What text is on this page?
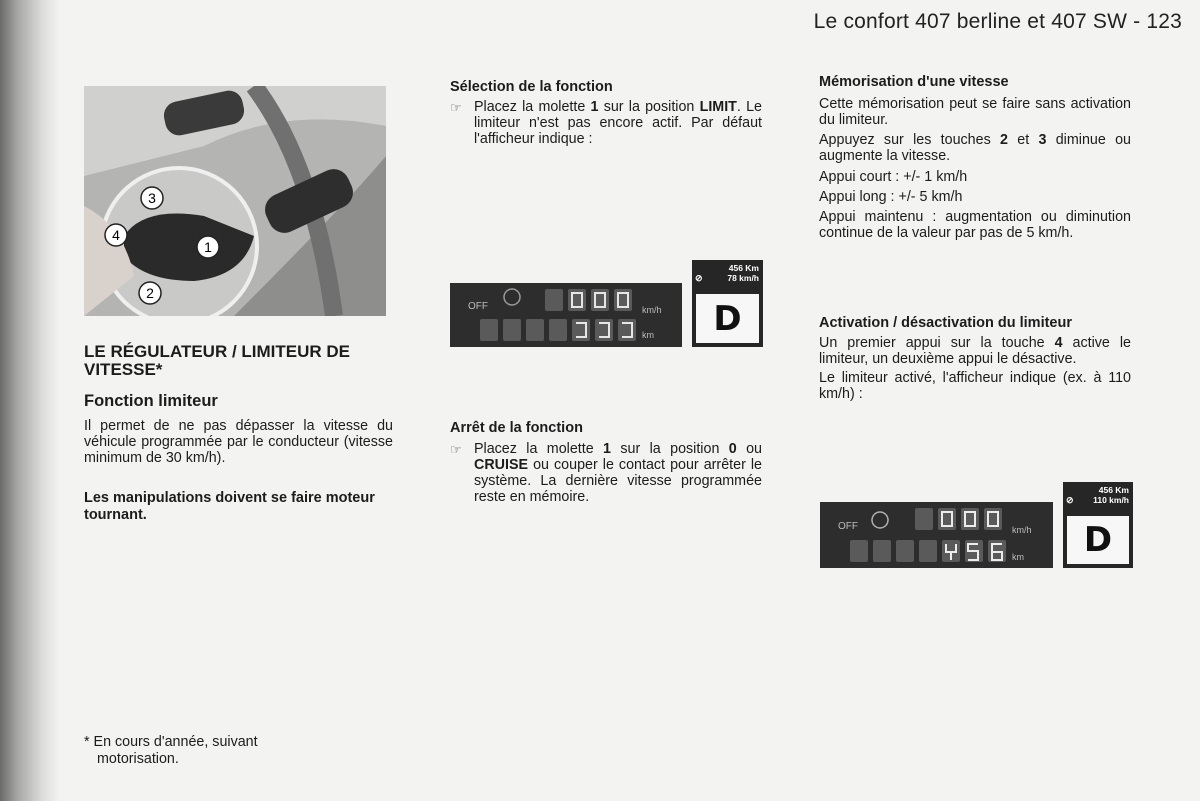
Le confort 407 berline et 407 SW - 123
3
4
1
2

LE RÉGULATEUR / LIMITEUR DE VITESSE*

Fonction limiteur

Il permet de ne pas dépasser la vitesse du véhicule programmée par le conducteur (vitesse minimum de 30 km/h).

Les manipulations doivent se faire moteur tournant.

Sélection de la fonction

☞ Placez la molette 1 sur la position LIMIT. Le limiteur n'est pas encore actif. Par défaut l'afficheur indique :
OFF	km/h
km
456 Km
⊘	78 km/h
D

Arrêt de la fonction

☞ Placez la molette 1 sur la position 0 ou CRUISE ou couper le contact pour arrêter le système. La dernière vitesse programmée reste en mémoire.

Mémorisation d'une vitesse

Cette mémorisation peut se faire sans activation du limiteur.

Appuyez sur les touches 2 et 3 diminue ou augmente la vitesse.

Appui court : +/- 1 km/h

Appui long : +/- 5 km/h

Appui maintenu : augmentation ou diminution continue de la valeur par pas de 5 km/h.

Activation / désactivation du limiteur

Un premier appui sur la touche 4 active le limiteur, un deuxième appui le désactive.

Le limiteur activé, l'afficheur indique (ex. à 110 km/h) :

OFF	km/h
km
456 Km
⊘ 110 km/h
D
* En cours d'année, suivant
motorisation.
